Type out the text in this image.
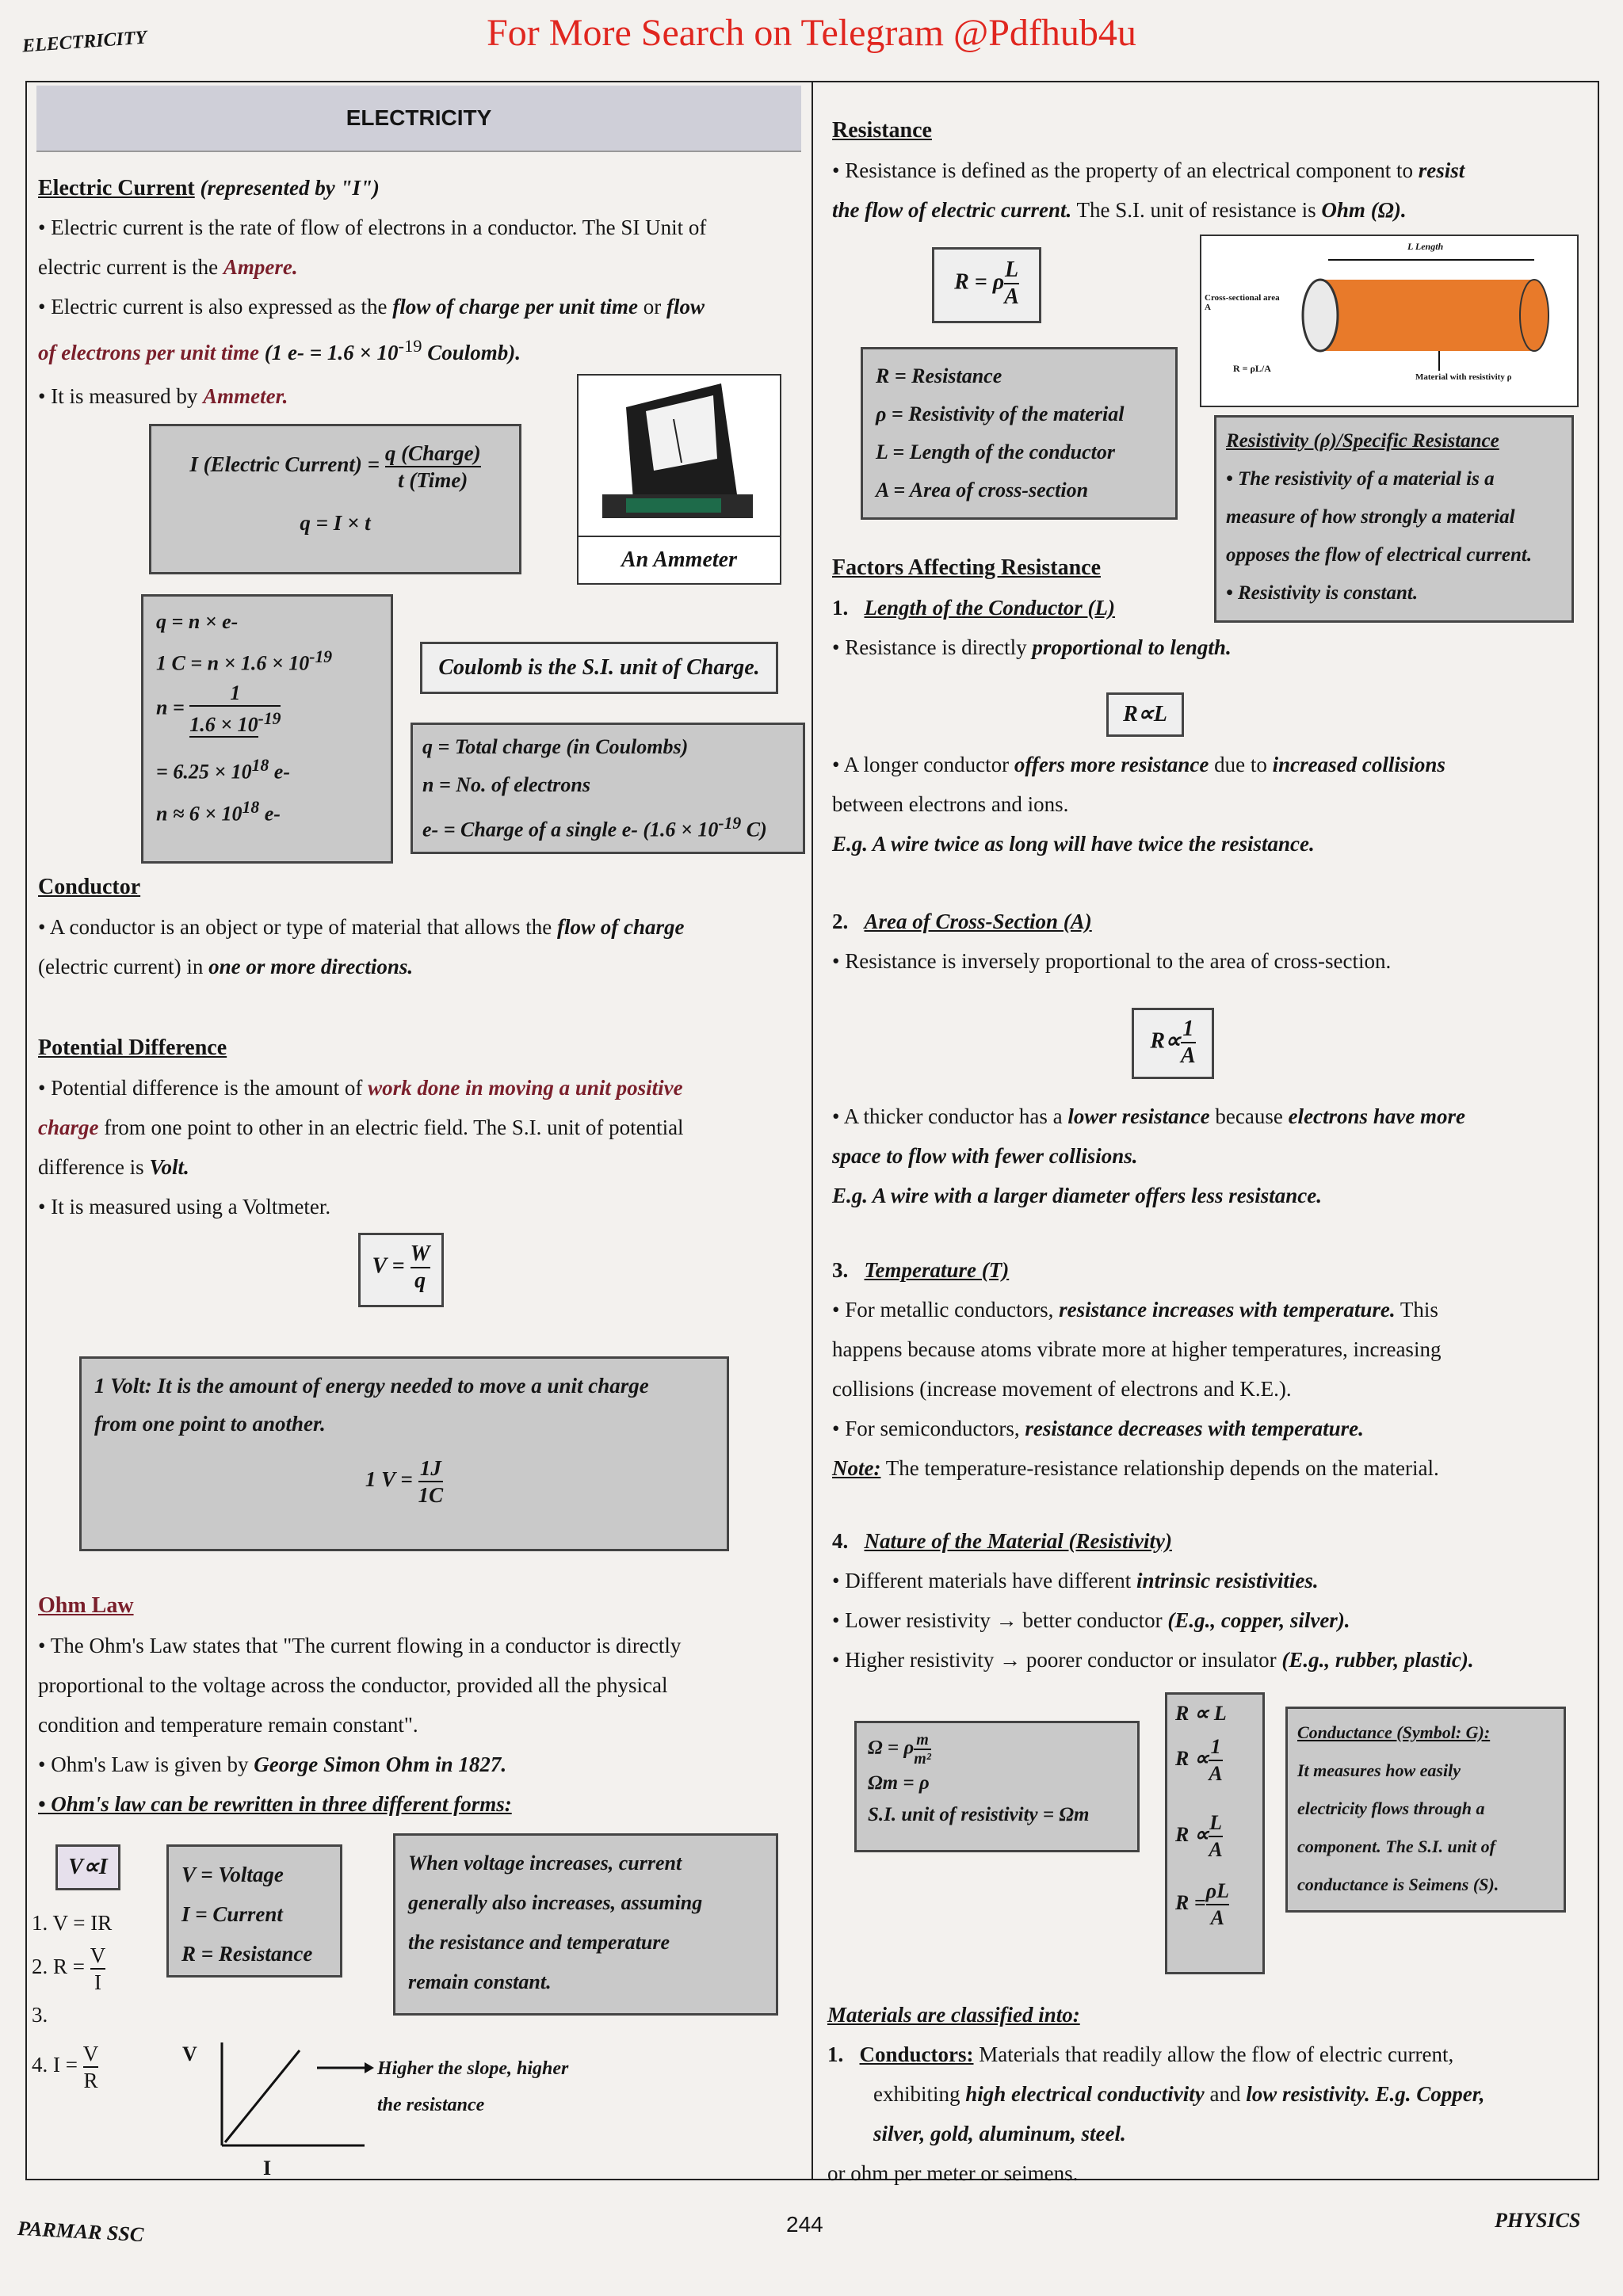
ELECTRICITY	For More Search on Telegram @Pdfhub4u
ELECTRICITY
Electric Current (represented by "I")
• Electric current is the rate of flow of electrons in a conductor. The SI Unit of
electric current is the Ampere.
• Electric current is also expressed as the flow of charge per unit time or flow
of electrons per unit time (1 $e- = 1.6 \times 10^{-19}$ Coulomb).
• It is measured by Ammeter.
I (Electric Current) = $\frac{\text{q (Charge)}}{\text{t (Time)}}$
q = I × t
An Ammeter
q = n × e-
1 $C = n \times 1.6 \times 10^{-19}$
$n = \frac{1}{1.6 \times 10^{-19}}$
= $6.25 \times 10^{18}$ e-
$n \approx 6 \times 10^{18}$ e-
Coulomb is the S.I. unit of Charge.
q = Total charge (in Coulombs)
n = No. of electrons
e- = Charge of a single e- ($1.6 \times 10^{-19}$ C)
Conductor
• A conductor is an object or type of material that allows the flow of charge
(electric current) in one or more directions.
Potential Difference
• Potential difference is the amount of work done in moving a unit positive
charge from one point to other in an electric field. The S.I. unit of potential
difference is Volt.
• It is measured using a Voltmeter.
$V = \frac{W}{q}$
1 Volt: It is the amount of energy needed to move a unit charge
from one point to another.
1 $V = \frac{1J}{1C}$
Ohm Law
• The Ohm's Law states that "The current flowing in a conductor is directly
proportional to the voltage across the conductor, provided all the physical
condition and temperature remain constant".
• Ohm's Law is given by George Simon Ohm in 1827.
• Ohm's law can be rewritten in three different forms:
V∝I
1. V = IR
2. $R = \frac{V}{I}$
3.
4. $I = \frac{V}{R}$
V = Voltage
I = Current
R = Resistance
When voltage increases, current
generally also increases, assuming
the resistance and temperature
remain constant.
V
I
Higher the slope, higher
the resistance
Resistance
• Resistance is defined as the property of an electrical component to resist
the flow of electric current. The S.I. unit of resistance is Ohm (Ω).
R = ρ $\frac{L}{A}$
R = Resistance
ρ = Resistivity of the material
L = Length of the conductor
A = Area of cross-section
L Length
Cross-sectional area A
R = ρL/A
Material with resistivity ρ
Resistivity (ρ)/Specific Resistance
• The resistivity of a material is a
measure of how strongly a material
opposes the flow of electrical current.
• Resistivity is constant.
Factors Affecting Resistance
1. Length of the Conductor (L)
• Resistance is directly proportional to length.
R∝L
• A longer conductor offers more resistance due to increased collisions
between electrons and ions.
E.g. A wire twice as long will have twice the resistance.
2. Area of Cross-Section (A)
• Resistance is inversely proportional to the area of cross-section.
$R\propto \frac{1}{A}$
• A thicker conductor has a lower resistance because electrons have more
space to flow with fewer collisions.
E.g. A wire with a larger diameter offers less resistance.
3. Temperature (T)
• For metallic conductors, resistance increases with temperature. This
happens because atoms vibrate more at higher temperatures, increasing
collisions (increase movement of electrons and K.E.).
• For semiconductors, resistance decreases with temperature.
Note: The temperature-resistance relationship depends on the material.
4. Nature of the Material (Resistivity)
• Different materials have different intrinsic resistivities.
• Lower resistivity → better conductor (E.g., copper, silver).
• Higher resistivity → poorer conductor or insulator (E.g., rubber, plastic).
Ω = ρ $\frac{m}{\text{m²}}$
Ωm = ρ
S.I. unit of resistivity = Ωm
R ∝ L
$R \propto \frac{1}{A}$
$R \propto \frac{L}{A}$
$R = \frac{\rho L}{A}$
Conductance (Symbol: G):
It measures how easily
electricity flows through a
component. The S.I. unit of
conductance is Seimens (S).
Materials are classified into:
1. Conductors: Materials that readily allow the flow of electric current,
exhibiting high electrical conductivity and low resistivity. E.g. Copper,
silver, gold, aluminum, steel.
or ohm per meter or seimens.
PARMAR SSC	244	PHYSICS
